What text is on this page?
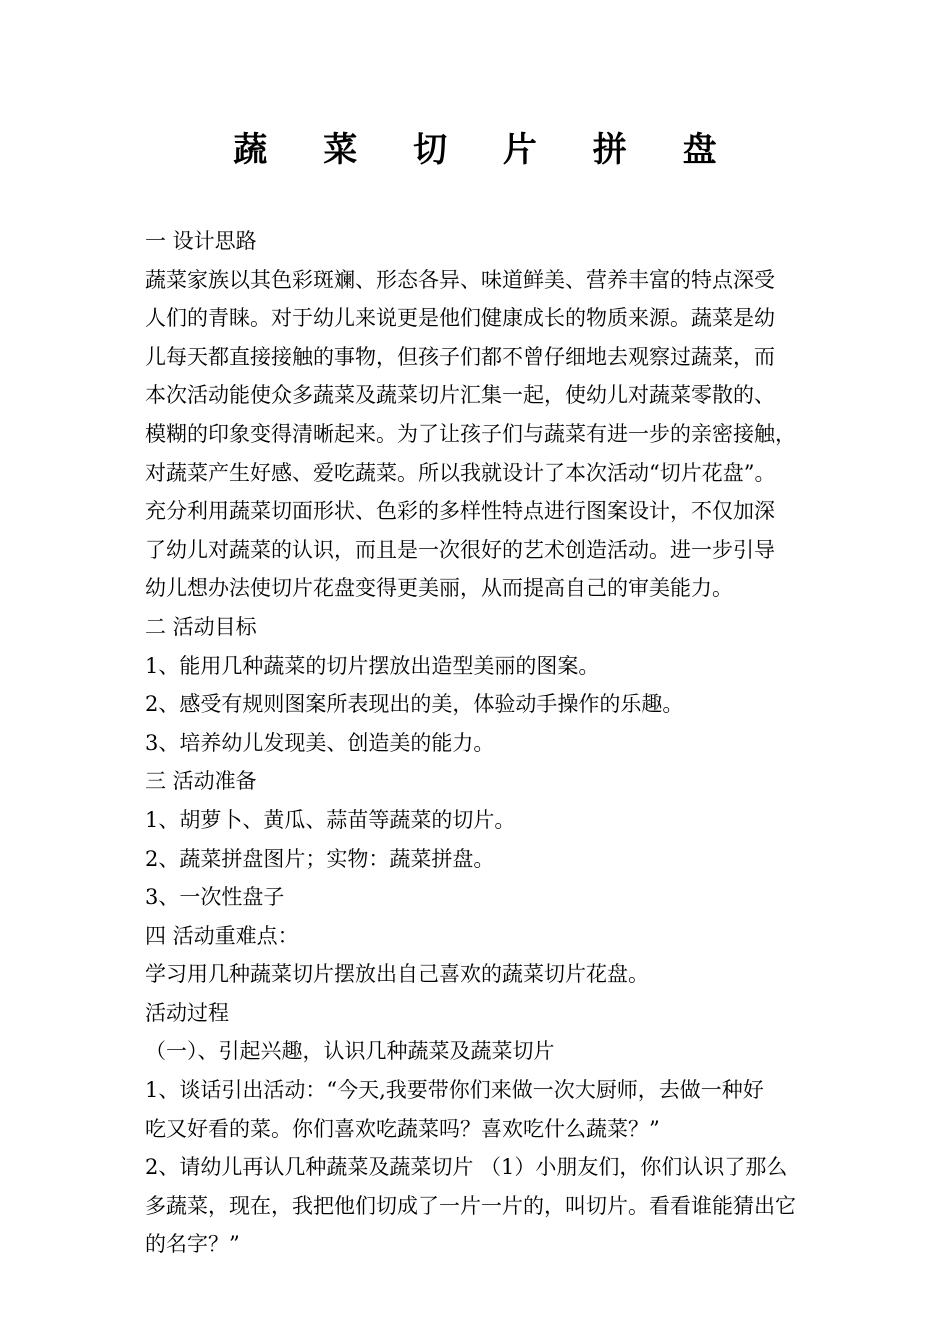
蔬 菜 切 片 拼 盘
一 设计思路
蔬菜家族以其色彩斑斓、形态各异、味道鲜美、营养丰富的特点深受
人们的青睐。对于幼儿来说更是他们健康成长的物质来源。蔬菜是幼
儿每天都直接接触的事物，但孩子们都不曾仔细地去观察过蔬菜，而
本次活动能使众多蔬菜及蔬菜切片汇集一起，使幼儿对蔬菜零散的、
模糊的印象变得清晰起来。为了让孩子们与蔬菜有进一步的亲密接触，
对蔬菜产生好感、爱吃蔬菜。所以我就设计了本次活动“切片花盘”。
充分利用蔬菜切面形状、色彩的多样性特点进行图案设计，不仅加深
了幼儿对蔬菜的认识，而且是一次很好的艺术创造活动。进一步引导
幼儿想办法使切片花盘变得更美丽，从而提高自己的审美能力。
二 活动目标
1、能用几种蔬菜的切片摆放出造型美丽的图案。
2、感受有规则图案所表现出的美，体验动手操作的乐趣。
3、培养幼儿发现美、创造美的能力。
三 活动准备
1、胡萝卜、黄瓜、蒜苗等蔬菜的切片。
2、蔬菜拼盘图片；实物：蔬菜拼盘。
3、一次性盘子
四 活动重难点：
学习用几种蔬菜切片摆放出自己喜欢的蔬菜切片花盘。
活动过程
（一）、引起兴趣，认识几种蔬菜及蔬菜切片
1、谈话引出活动：“今天,我要带你们来做一次大厨师，去做一种好
吃又好看的菜。你们喜欢吃蔬菜吗？喜欢吃什么蔬菜？”
2、请幼儿再认几种蔬菜及蔬菜切片 （1）小朋友们，你们认识了那么
多蔬菜，现在，我把他们切成了一片一片的，叫切片。看看谁能猜出它
的名字？”
